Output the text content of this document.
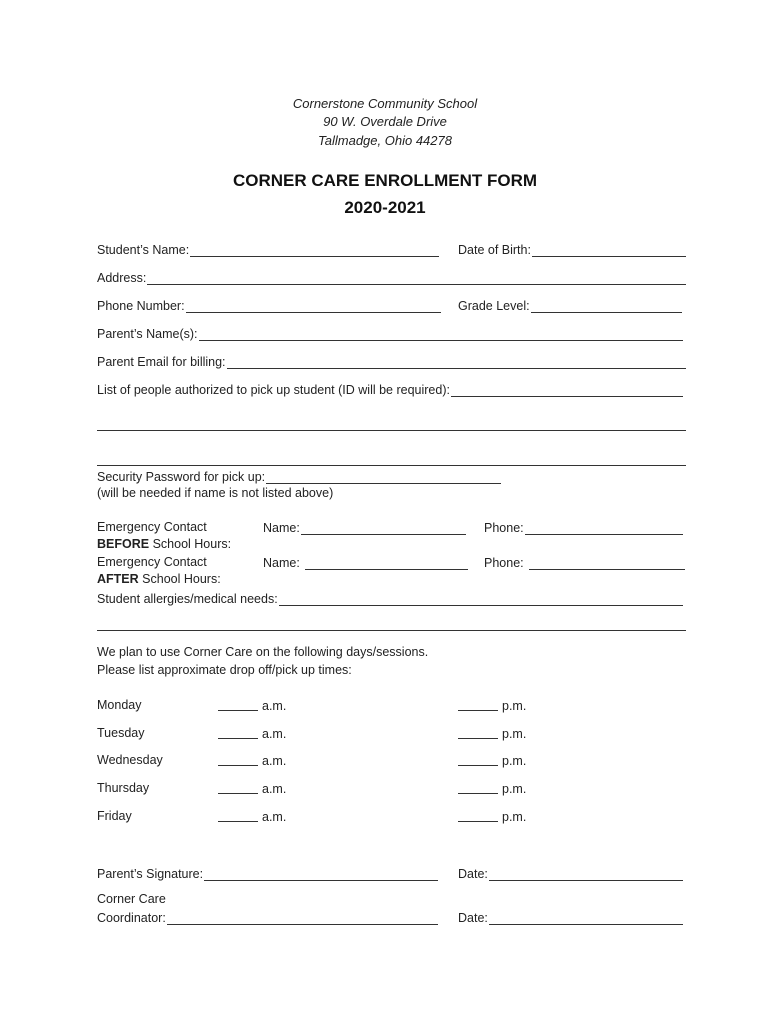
Cornerstone Community School
90 W. Overdale Drive
Tallmadge, Ohio 44278
CORNER CARE ENROLLMENT FORM
2020-2021
Student’s Name:	Date of Birth:
Address:
Phone Number:	Grade Level:
Parent’s Name(s):
Parent Email for billing:
List of people authorized to pick up student (ID will be required):
Security Password for pick up:
(will be needed if name is not listed above)
Emergency Contact
BEFORE School Hours:
Name:	Phone:
Emergency Contact
AFTER School Hours:
Name:	Phone:
Student allergies/medical needs:
We plan to use Corner Care on the following days/sessions.
Please list approximate drop off/pick up times:
Monday	a.m.	p.m.
Tuesday	a.m.	p.m.
Wednesday	a.m.	p.m.
Thursday	a.m.	p.m.
Friday	a.m.	p.m.
Parent’s Signature:	Date:
Corner Care
Coordinator:	Date:
